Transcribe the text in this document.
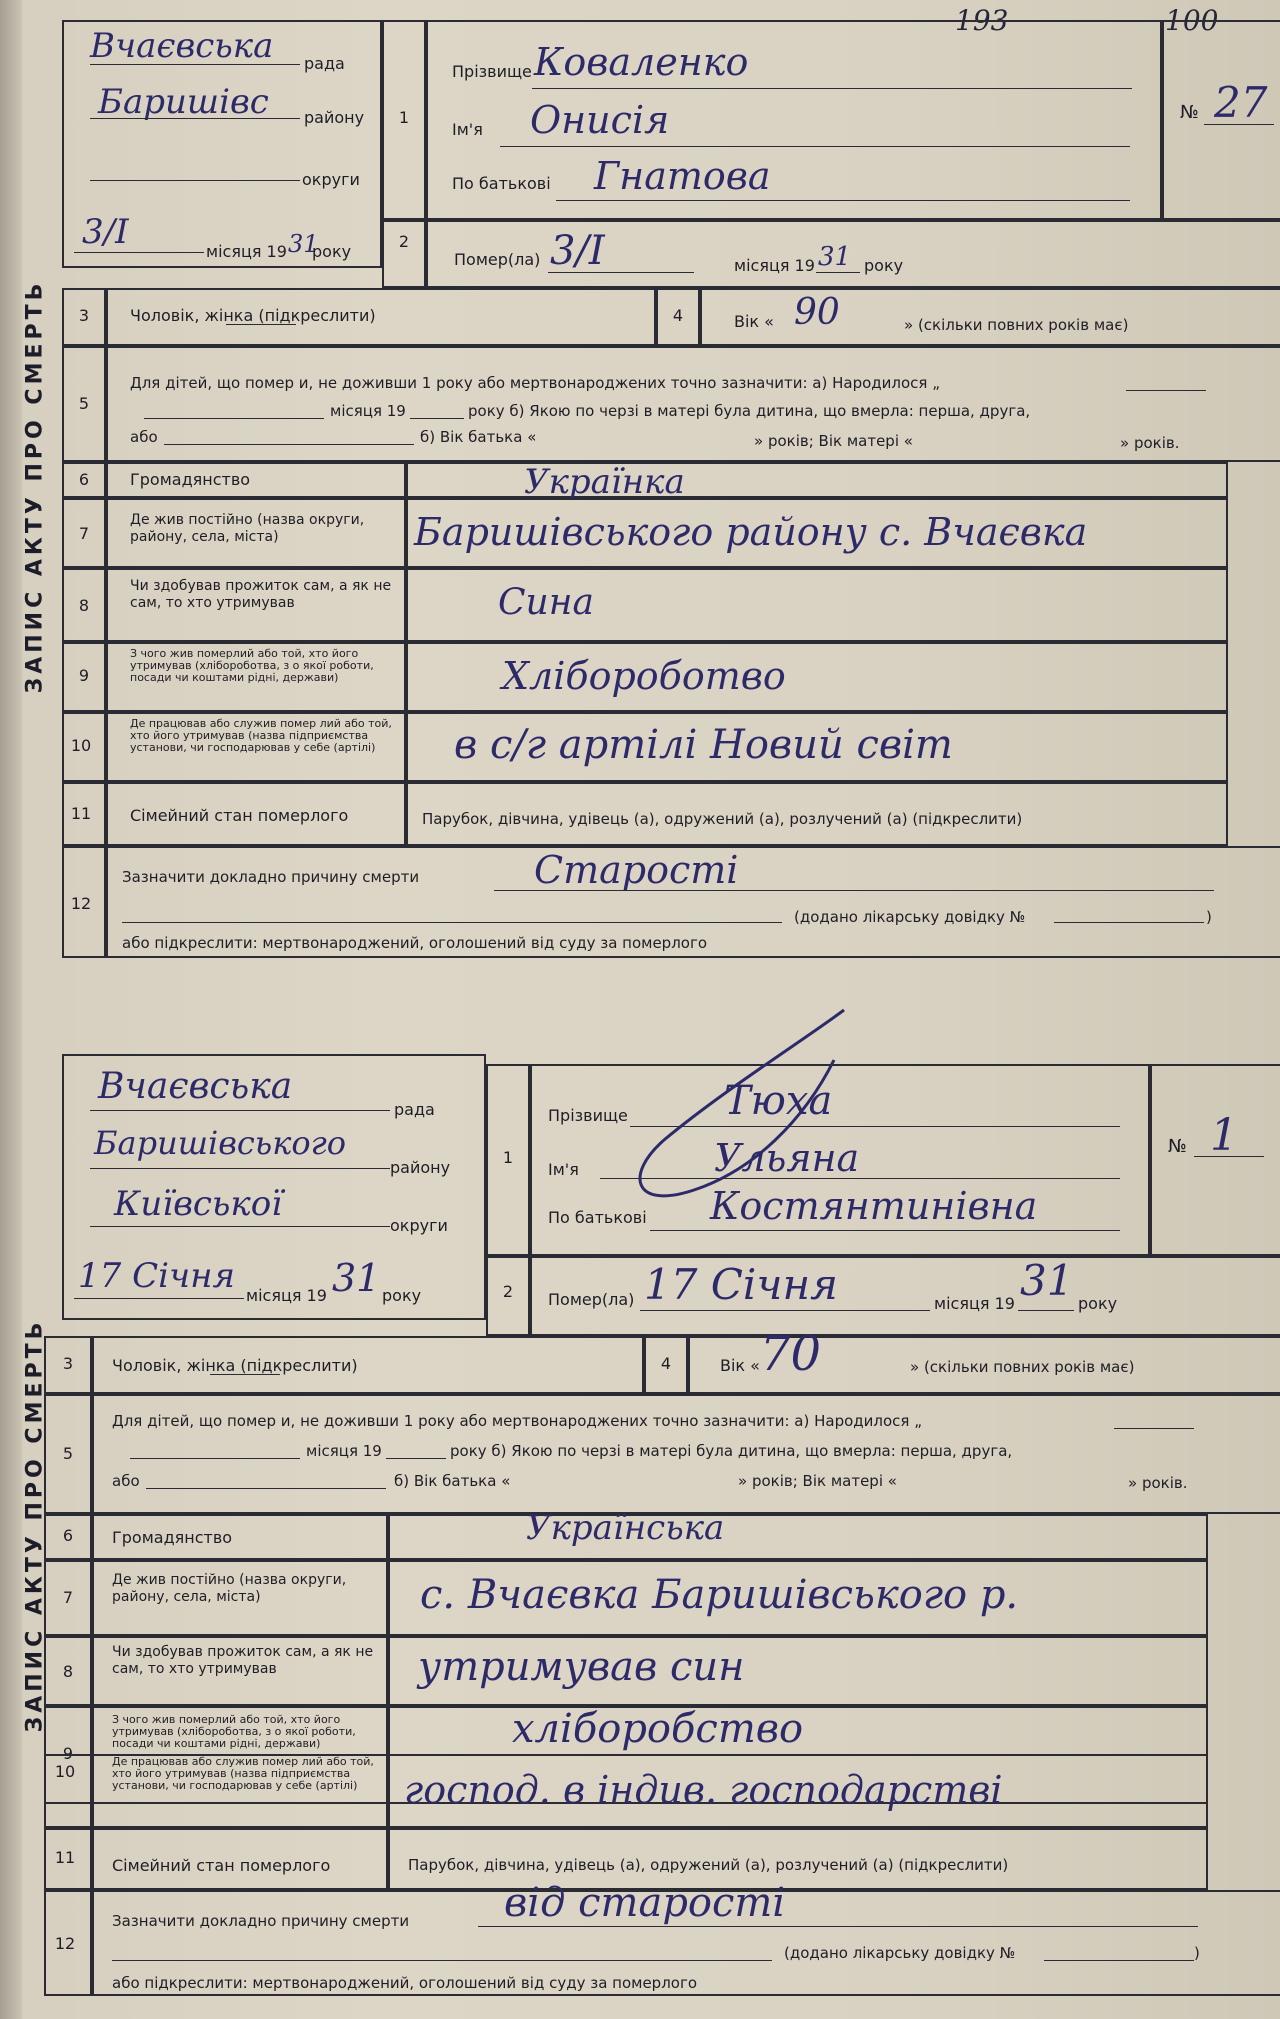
193	100
ЗАПИС АКТУ ПРО СМЕРТЬ
Вчаєвська рада
Баришівс району
округи
3/I	місяця 19 31
року
1
2
Прізвище Коваленко
Ім'я Онисія
По батькові Гнатова
№ 27
Помер(ла) 3/I	місяця 19 31 року
3	Чоловік, жінка (підкреслити)	4	Вік « 90	» (скільки повних років має)
5
Для дітей, що помер и, не доживши 1 року або мертвонароджених точно зазначити: а) Народилося „
місяця 19	року б) Якою по черзі в матері була дитина, що вмерла: перша, друга,
або	б) Вік батька «	» років; Вік матері «	» років.
6	Громадянство	Українка
7
Де жив постійно (назва округи, району, села, міста)	Баришівського району с. Вчаєвка
8
Чи здобував прожиток сам, а як не сам, то хто утримував	Сина
9
З чого жив померлий або той, хто його утримував (хлібороботва, з о якої роботи, посади чи коштами рідні, держави)	Хлібороботво
10
Де працював або служив помер лий або той, хто його утримував (назва підприємства установи, чи господарював у себе (артілі)	в с/г артілі Новий світ
11	Сімейний стан померлого	Парубок, дівчина, удівець (а), одружений (а), розлучений (а) (підкреслити)
12
Зазначити докладно причину смерти	Старості
(додано лікарську довідку №	)
або підкреслити: мертвонароджений, оголошений від суду за померлого
ЗАПИС АКТУ ПРО СМЕРТЬ
Вчаєвська
рада
Баришівського
району
Київської
округи
17 Січня місяця 19 31 року
1
2
Прізвище Тюха
Ім'я	Ульяна
По батькові Костянтинівна
№ 1
Помер(ла) 17 Січня	місяця 19 31 року
3	Чоловік, жінка (підкреслити)	4	Вік « 70	» (скільки повних років має)
5
Для дітей, що помер и, не доживши 1 року або мертвонароджених точно зазначити: а) Народилося „
місяця 19	року б) Якою по черзі в матері була дитина, що вмерла: перша, друга,
або	б) Вік батька «	» років; Вік матері «	» років.
6	Громадянство	Українська
7
Де жив постійно (назва округи, району, села, міста)	с. Вчаєвка Баришівського р.
8
Чи здобував прожиток сам, а як не сам, то хто утримував	утримував син
9
З чого жив померлий або той, хто його утримував (хлібороботва, з о якої роботи, посади чи коштами рідні, держави)	хліборобство
10
Де працював або служив помер лий або той, хто його утримував (назва підприємства установи, чи господарював у себе (артілі)	господ. в індив. господарстві
11	Сімейний стан померлого	Парубок, дівчина, удівець (а), одружений (а), розлучений (а) (підкреслити)
12
Зазначити докладно причину смерти від старості
(додано лікарську довідку №	)
або підкреслити: мертвонароджений, оголошений від суду за померлого
